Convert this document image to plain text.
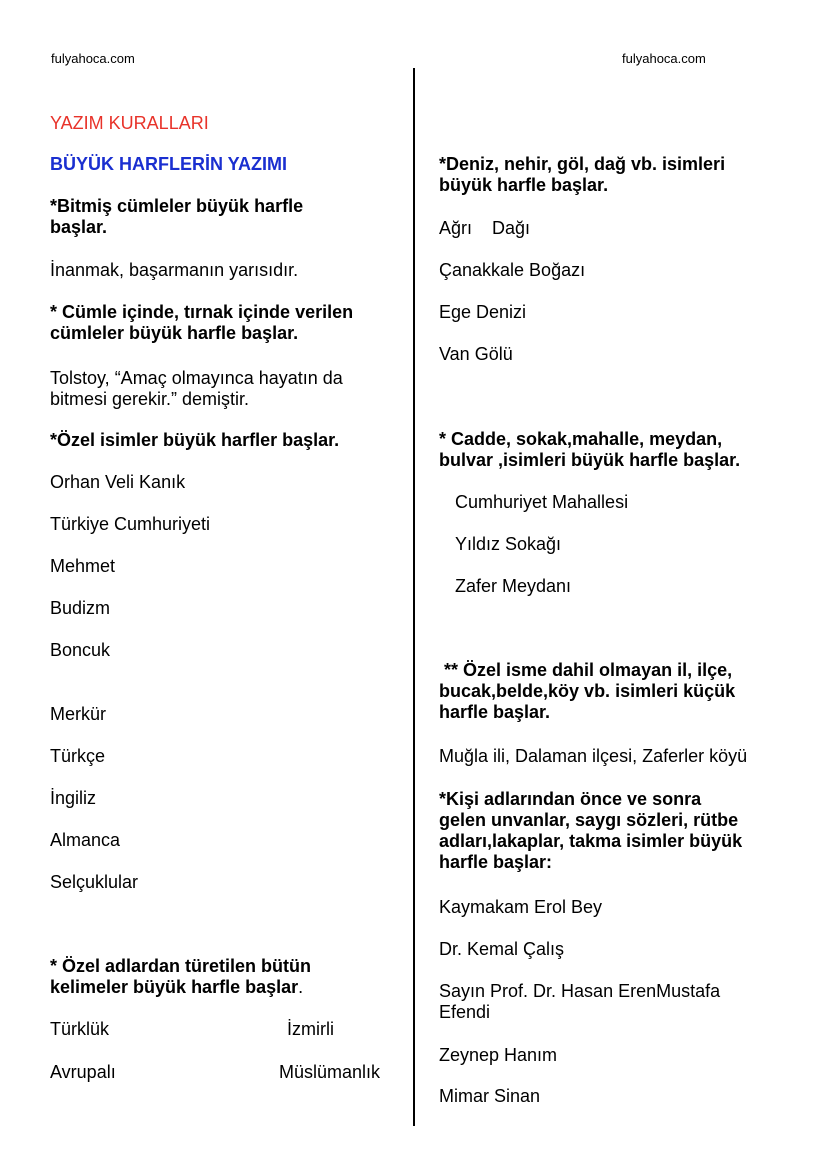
fulyahoca.com	fulyahoca.com
YAZIM KURALLARI
BÜYÜK HARFLERİN YAZIMI
*Bitmiş cümleler büyük harfle
başlar.
İnanmak, başarmanın yarısıdır.
* Cümle içinde, tırnak içinde verilen
cümleler büyük harfle başlar.
Tolstoy, “Amaç olmayınca hayatın da
bitmesi gerekir.” demiştir.
*Özel isimler büyük harfler başlar.
Orhan Veli Kanık
Türkiye Cumhuriyeti
Mehmet
Budizm
Boncuk
Merkür
Türkçe
İngiliz
Almanca
Selçuklular
* Özel adlardan türetilen bütün
kelimeler büyük harfle başlar.
Türklük	İzmirli
Avrupalı	Müslümanlık
*Deniz, nehir, göl, dağ vb. isimleri
büyük harfle başlar.
Ağrı    Dağı
Çanakkale Boğazı
Ege Denizi
Van Gölü
* Cadde, sokak,mahalle, meydan,
bulvar ,isimleri büyük harfle başlar.
Cumhuriyet Mahallesi
Yıldız Sokağı
Zafer Meydanı
** Özel isme dahil olmayan il, ilçe,
bucak,belde,köy vb. isimleri küçük
harfle başlar.
Muğla ili, Dalaman ilçesi, Zaferler köyü
*Kişi adlarından önce ve sonra
gelen unvanlar, saygı sözleri, rütbe
adları,lakaplar, takma isimler büyük
harfle başlar:
Kaymakam Erol Bey
Dr. Kemal Çalış
Sayın Prof. Dr. Hasan ErenMustafa
Efendi
Zeynep Hanım
Mimar Sinan
